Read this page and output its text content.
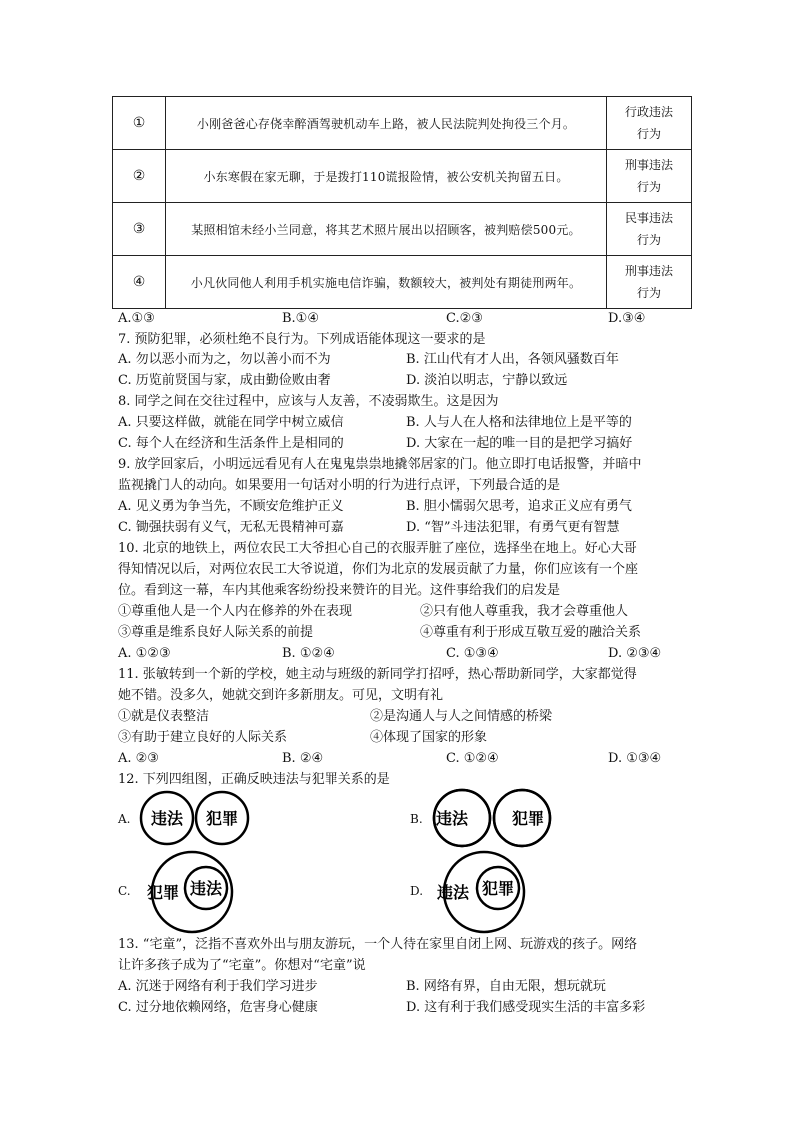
①	小刚爸爸心存侥幸醉酒驾驶机动车上路，被人民法院判处拘役三个月。	行政违法
行为
②	小东寒假在家无聊，于是拨打110谎报险情，被公安机关拘留五日。	刑事违法
行为
③	某照相馆未经小兰同意，将其艺术照片展出以招顾客，被判赔偿500元。	民事违法
行为
④	小凡伙同他人利用手机实施电信诈骗，数额较大，被判处有期徒刑两年。	刑事违法
行为
A.①③	B.①④	C.②③	D.③④
7. 预防犯罪，必须杜绝不良行为。下列成语能体现这一要求的是
A. 勿以恶小而为之，勿以善小而不为	B. 江山代有才人出，各领风骚数百年
C. 历览前贤国与家，成由勤俭败由奢	D. 淡泊以明志，宁静以致远
8. 同学之间在交往过程中，应该与人友善，不凌弱欺生。这是因为
A. 只要这样做，就能在同学中树立威信	B. 人与人在人格和法律地位上是平等的
C. 每个人在经济和生活条件上是相同的	D. 大家在一起的唯一目的是把学习搞好
9. 放学回家后，小明远远看见有人在鬼鬼祟祟地撬邻居家的门。他立即打电话报警，并暗中
监视撬门人的动向。如果要用一句话对小明的行为进行点评，下列最合适的是
A. 见义勇为争当先，不顾安危维护正义	B. 胆小懦弱欠思考，追求正义应有勇气
C. 锄强扶弱有义气，无私无畏精神可嘉	D. “智”斗违法犯罪，有勇气更有智慧
10. 北京的地铁上，两位农民工大爷担心自己的衣服弄脏了座位，选择坐在地上。好心大哥
得知情况以后，对两位农民工大爷说道，你们为北京的发展贡献了力量，你们应该有一个座
位。看到这一幕，车内其他乘客纷纷投来赞许的目光。这件事给我们的启发是
①尊重他人是一个人内在修养的外在表现	②只有他人尊重我，我才会尊重他人
③尊重是维系良好人际关系的前提	④尊重有利于形成互敬互爱的融洽关系
A. ①②③	B. ①②④	C. ①③④	D. ②③④
11. 张敏转到一个新的学校，她主动与班级的新同学打招呼，热心帮助新同学，大家都觉得
她不错。没多久，她就交到许多新朋友。可见，文明有礼
①就是仪表整洁	②是沟通人与人之间情感的桥梁
③有助于建立良好的人际关系	④体现了国家的形象
A. ②③	B. ②④	C. ①②④	D. ①③④
12. 下列四组图，正确反映违法与犯罪关系的是
A. 违法 犯罪	B. 违法	犯罪
C. 犯罪 违法	D. 违法 犯罪
13. “宅童”，泛指不喜欢外出与朋友游玩，一个人待在家里自闭上网、玩游戏的孩子。网络
让许多孩子成为了“宅童”。你想对“宅童”说
A. 沉迷于网络有利于我们学习进步	B. 网络有界，自由无限，想玩就玩
C. 过分地依赖网络，危害身心健康	D. 这有利于我们感受现实生活的丰富多彩
